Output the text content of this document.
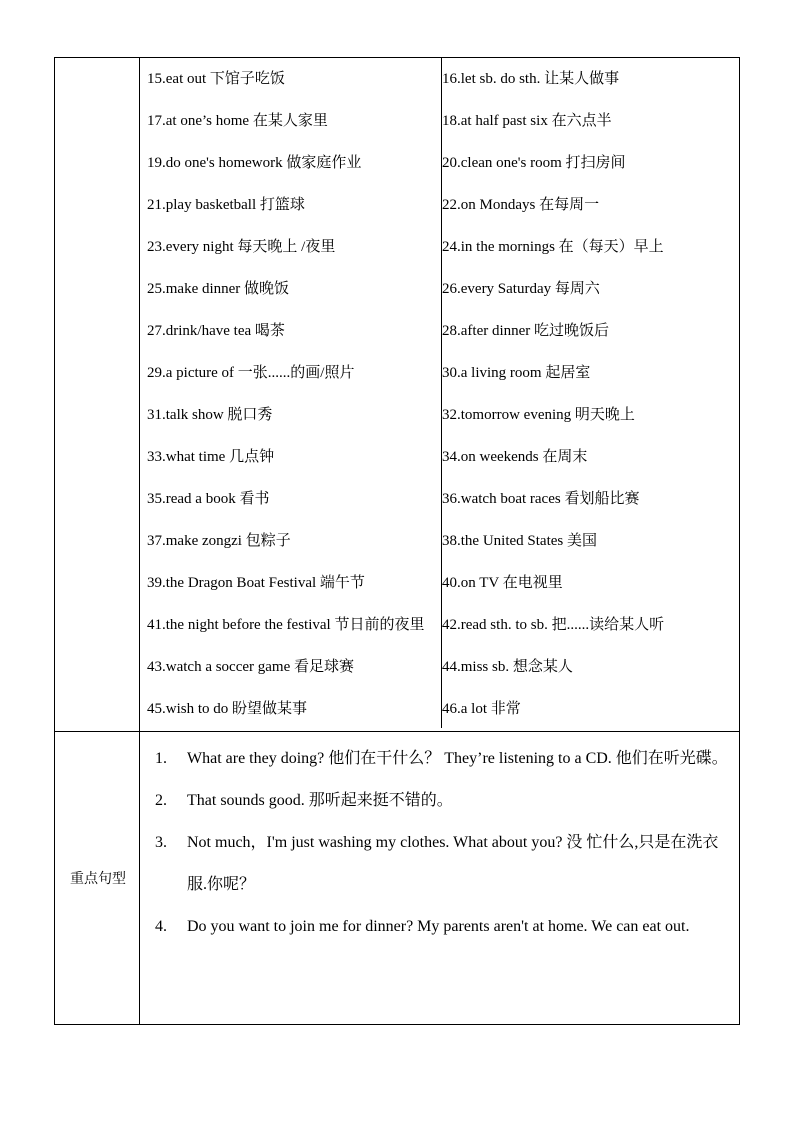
重点句型
1. What are they doing? 他们在干什么？ They’re listening to a CD. 他们在听光碟。
2. That sounds good. 那听起来挺不错的。
3. Not much，I'm just washing my clothes. What about you? 没 忙什么,只是在洗衣服.你呢？
4. Do you want to join me for dinner? My parents aren't at home. We can eat out.
15.eat out 下馆子吃饭
17.at one’s home 在某人家里
19.do one's homework 做家庭作业
21.play basketball 打篮球
23.every night 每天晚上 /夜里
25.make dinner 做晚饭
27.drink/have tea 喝茶
29.a picture of 一张......的画/照片
31.talk show 脱口秀
33.what time 几点钟
35.read a book 看书
37.make zongzi 包粽子
39.the Dragon Boat Festival 端午节
41.the night before the festival 节日前的夜里
43.watch a soccer game 看足球赛
45.wish to do 盼望做某事
16.let sb. do sth. 让某人做事
18.at half past six 在六点半
20.clean one's room 打扫房间
22.on Mondays 在每周一
24.in the mornings 在（每天）早上
26.every Saturday 每周六
28.after dinner 吃过晚饭后
30.a living room 起居室
32.tomorrow evening 明天晚上
34.on weekends 在周末
36.watch boat races 看划船比赛
38.the United States 美国
40.on TV 在电视里
42.read sth. to sb. 把......读给某人听
44.miss sb. 想念某人
46.a lot 非常
